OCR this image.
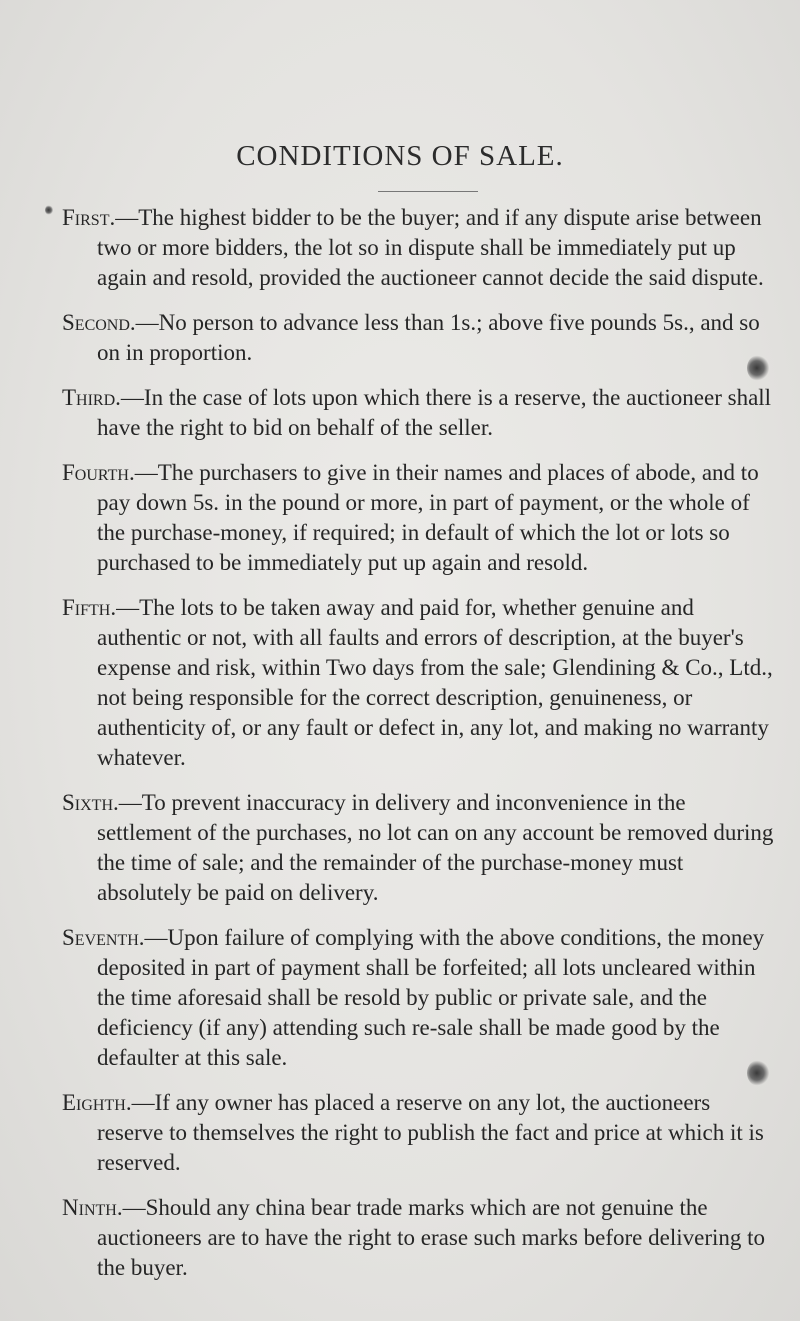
CONDITIONS OF SALE.
First.—The highest bidder to be the buyer; and if any dispute arise between two or more bidders, the lot so in dispute shall be immediately put up again and resold, provided the auctioneer cannot decide the said dispute.
Second.—No person to advance less than 1s.; above five pounds 5s., and so on in proportion.
Third.—In the case of lots upon which there is a reserve, the auctioneer shall have the right to bid on behalf of the seller.
Fourth.—The purchasers to give in their names and places of abode, and to pay down 5s. in the pound or more, in part of payment, or the whole of the purchase-money, if required; in default of which the lot or lots so purchased to be immediately put up again and resold.
Fifth.—The lots to be taken away and paid for, whether genuine and authentic or not, with all faults and errors of description, at the buyer's expense and risk, within Two days from the sale; Glendining & Co., Ltd., not being responsible for the correct description, genuineness, or authenticity of, or any fault or defect in, any lot, and making no warranty whatever.
Sixth.—To prevent inaccuracy in delivery and inconvenience in the settlement of the purchases, no lot can on any account be removed during the time of sale; and the remainder of the purchase-money must absolutely be paid on delivery.
Seventh.—Upon failure of complying with the above conditions, the money deposited in part of payment shall be forfeited; all lots uncleared within the time aforesaid shall be resold by public or private sale, and the deficiency (if any) attending such re-sale shall be made good by the defaulter at this sale.
Eighth.—If any owner has placed a reserve on any lot, the auctioneers reserve to themselves the right to publish the fact and price at which it is reserved.
Ninth.—Should any china bear trade marks which are not genuine the auctioneers are to have the right to erase such marks before delivering to the buyer.
